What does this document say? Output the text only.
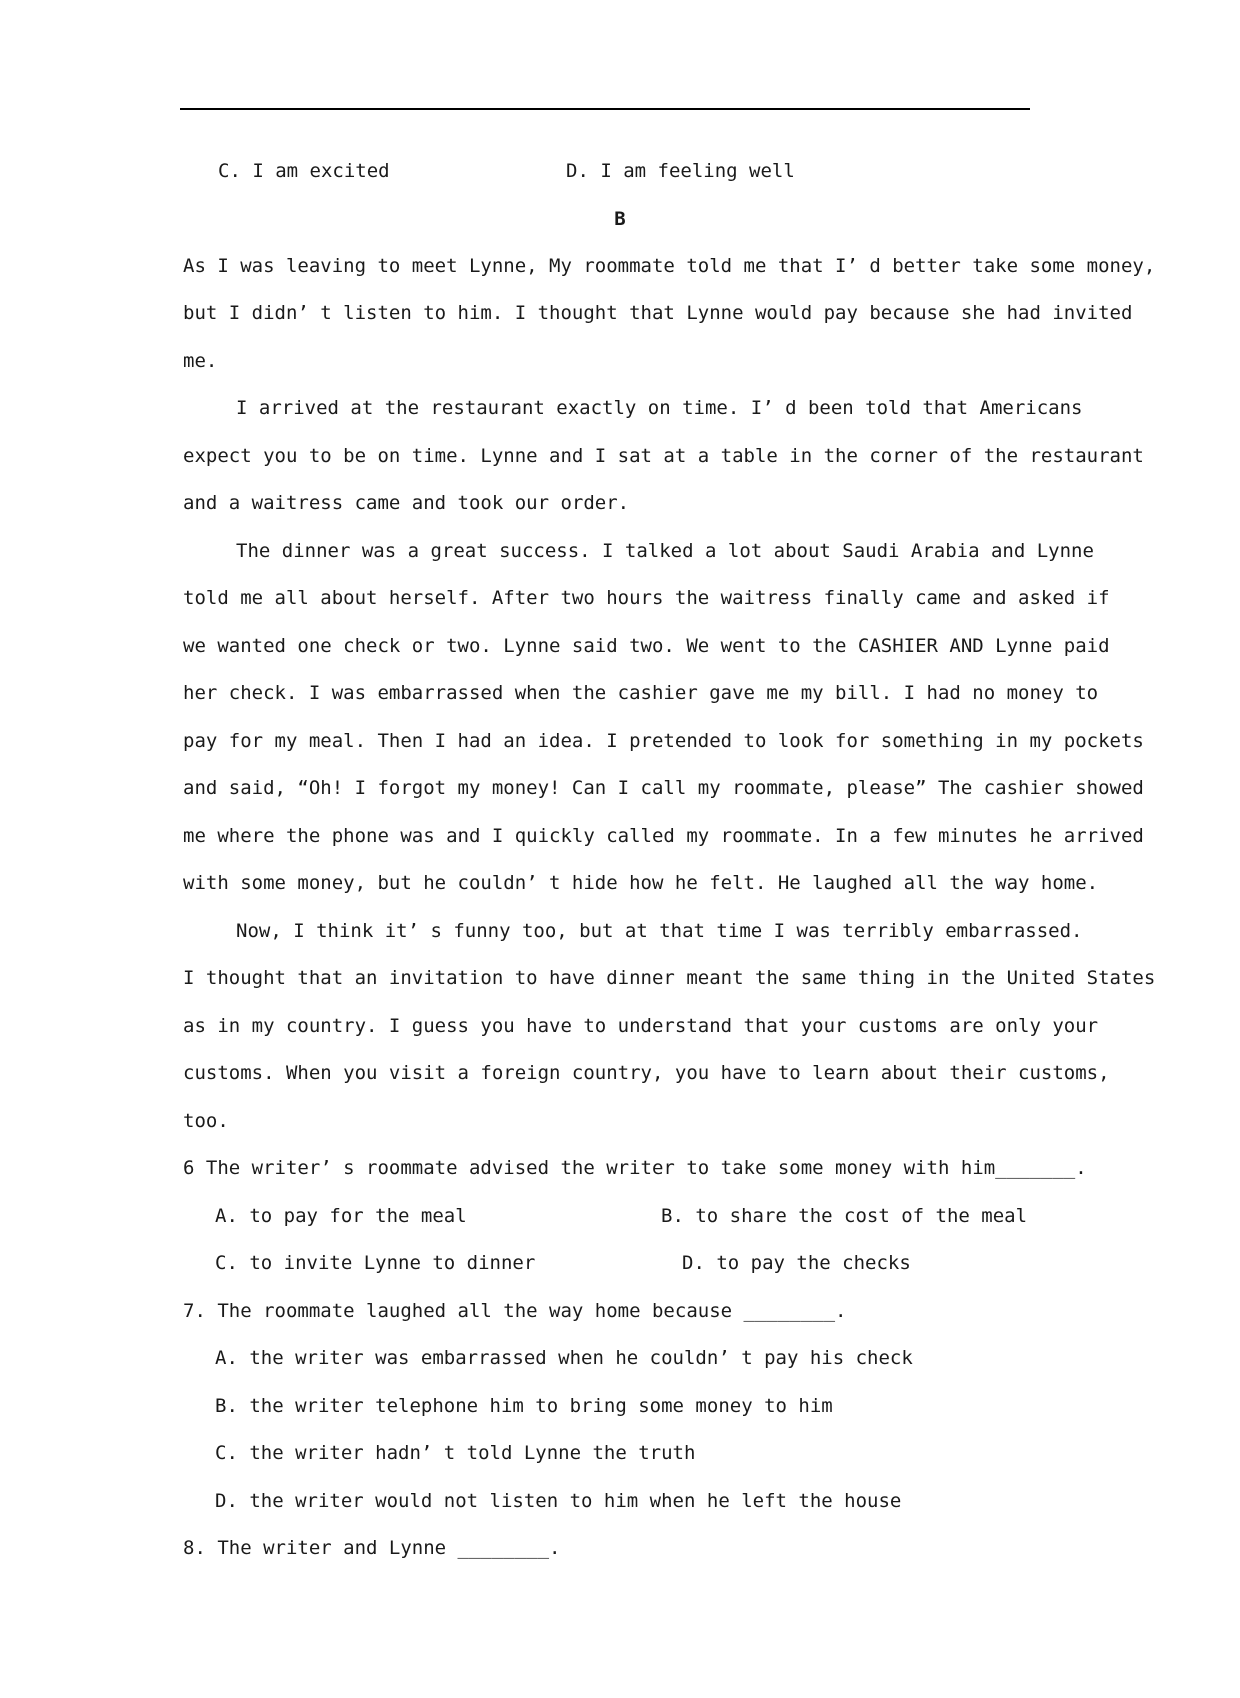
C. I am excited	D. I am feeling well
B
As I was leaving to meet Lynne, My roommate told me that I’ d better take some money,
but I didn’ t listen to him. I thought that Lynne would pay because she had invited
me.
I arrived at the restaurant exactly on time. I’ d been told that Americans
expect you to be on time. Lynne and I sat at a table in the corner of the restaurant
and a waitress came and took our order.
The dinner was a great success. I talked a lot about Saudi Arabia and Lynne
told me all about herself. After two hours the waitress finally came and asked if
we wanted one check or two. Lynne said two. We went to the CASHIER AND Lynne paid
her check. I was embarrassed when the cashier gave me my bill. I had no money to
pay for my meal. Then I had an idea. I pretended to look for something in my pockets
and said, “Oh! I forgot my money! Can I call my roommate, please” The cashier showed
me where the phone was and I quickly called my roommate. In a few minutes he arrived
with some money, but he couldn’ t hide how he felt. He laughed all the way home.
Now, I think it’ s funny too, but at that time I was terribly embarrassed.
I thought that an invitation to have dinner meant the same thing in the United States
as in my country. I guess you have to understand that your customs are only your
customs. When you visit a foreign country, you have to learn about their customs,
too.
6 The writer’ s roommate advised the writer to take some money with him_______.
A. to pay for the meal	B. to share the cost of the meal
C. to invite Lynne to dinner	D. to pay the checks
7. The roommate laughed all the way home because ________.
A. the writer was embarrassed when he couldn’ t pay his check
B. the writer telephone him to bring some money to him
C. the writer hadn’ t told Lynne the truth
D. the writer would not listen to him when he left the house
8. The writer and Lynne ________.
